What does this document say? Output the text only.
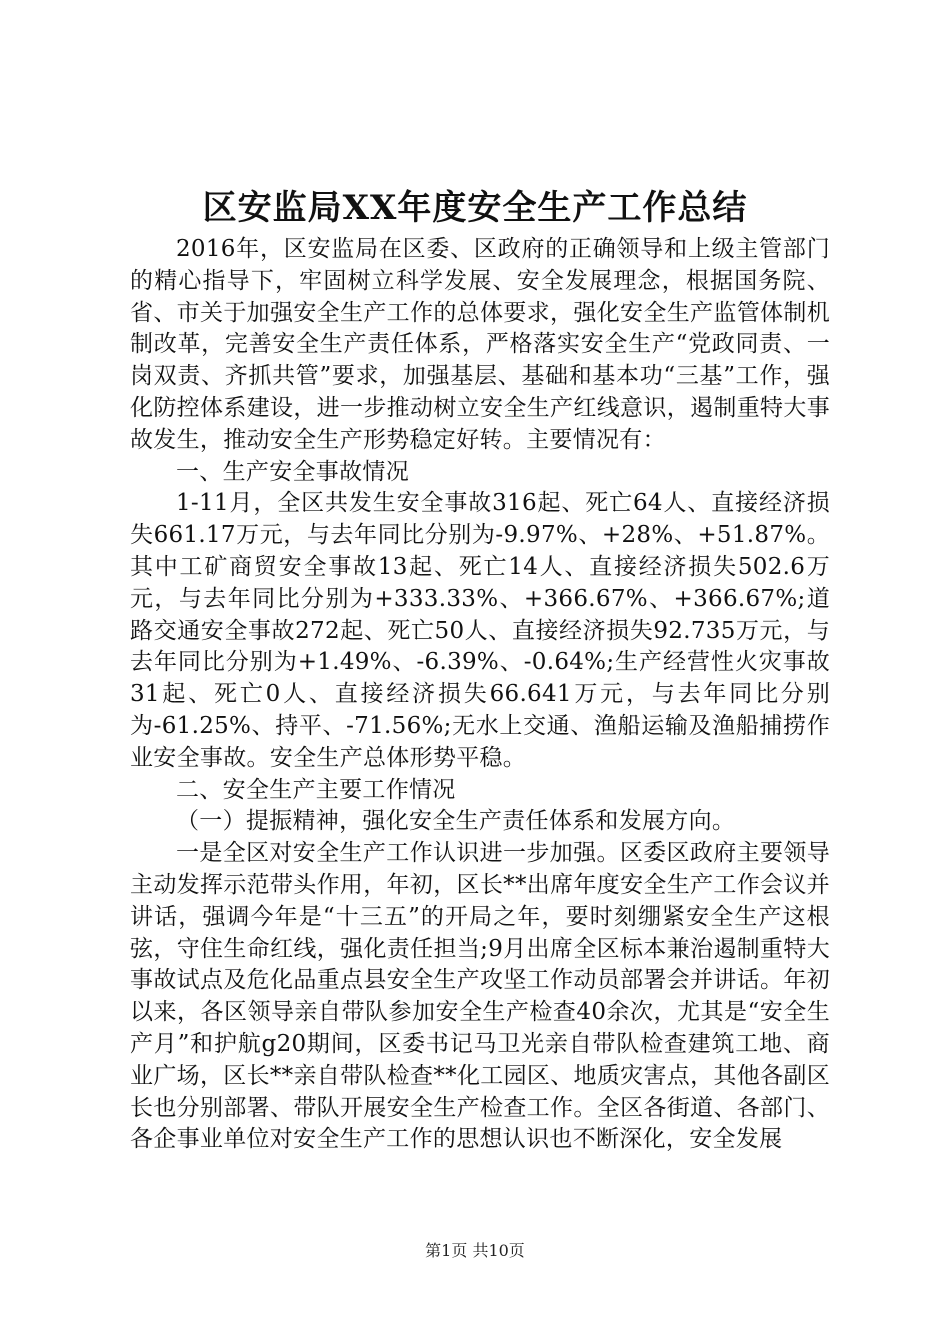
区安监局XX年度安全生产工作总结

2016年，区安监局在区委、区政府的正确领导和上级主管部门的精心指导下，牢固树立科学发展、安全发展理念，根据国务院、省、市关于加强安全生产工作的总体要求，强化安全生产监管体制机制改革，完善安全生产责任体系，严格落实安全生产“党政同责、一岗双责、齐抓共管”要求，加强基层、基础和基本功“三基”工作，强化防控体系建设，进一步推动树立安全生产红线意识，遏制重特大事故发生，推动安全生产形势稳定好转。主要情况有：

一、生产安全事故情况

1-11月，全区共发生安全事故316起、死亡64人、直接经济损失661.17万元，与去年同比分别为-9.97%、+28%、+51.87%。其中工矿商贸安全事故13起、死亡14人、直接经济损失502.6万元，与去年同比分别为+333.33%、+366.67%、+366.67%;道路交通安全事故272起、死亡50人、直接经济损失92.735万元，与去年同比分别为+1.49%、-6.39%、-0.64%;生产经营性火灾事故31起、死亡0人、直接经济损失66.641万元，与去年同比分别为-61.25%、持平、-71.56%;无水上交通、渔船运输及渔船捕捞作业安全事故。安全生产总体形势平稳。

二、安全生产主要工作情况

（一）提振精神，强化安全生产责任体系和发展方向。

一是全区对安全生产工作认识进一步加强。区委区政府主要领导主动发挥示范带头作用，年初，区长**出席年度安全生产工作会议并讲话，强调今年是“十三五”的开局之年，要时刻绷紧安全生产这根弦，守住生命红线，强化责任担当;9月出席全区标本兼治遏制重特大事故试点及危化品重点县安全生产攻坚工作动员部署会并讲话。年初以来，各区领导亲自带队参加安全生产检查40余次，尤其是“安全生产月”和护航g20期间，区委书记马卫光亲自带队检查建筑工地、商业广场，区长**亲自带队检查**化工园区、地质灾害点，其他各副区长也分别部署、带队开展安全生产检查工作。全区各街道、各部门、各企事业单位对安全生产工作的思想认识也不断深化，安全发展

第1页 共10页
